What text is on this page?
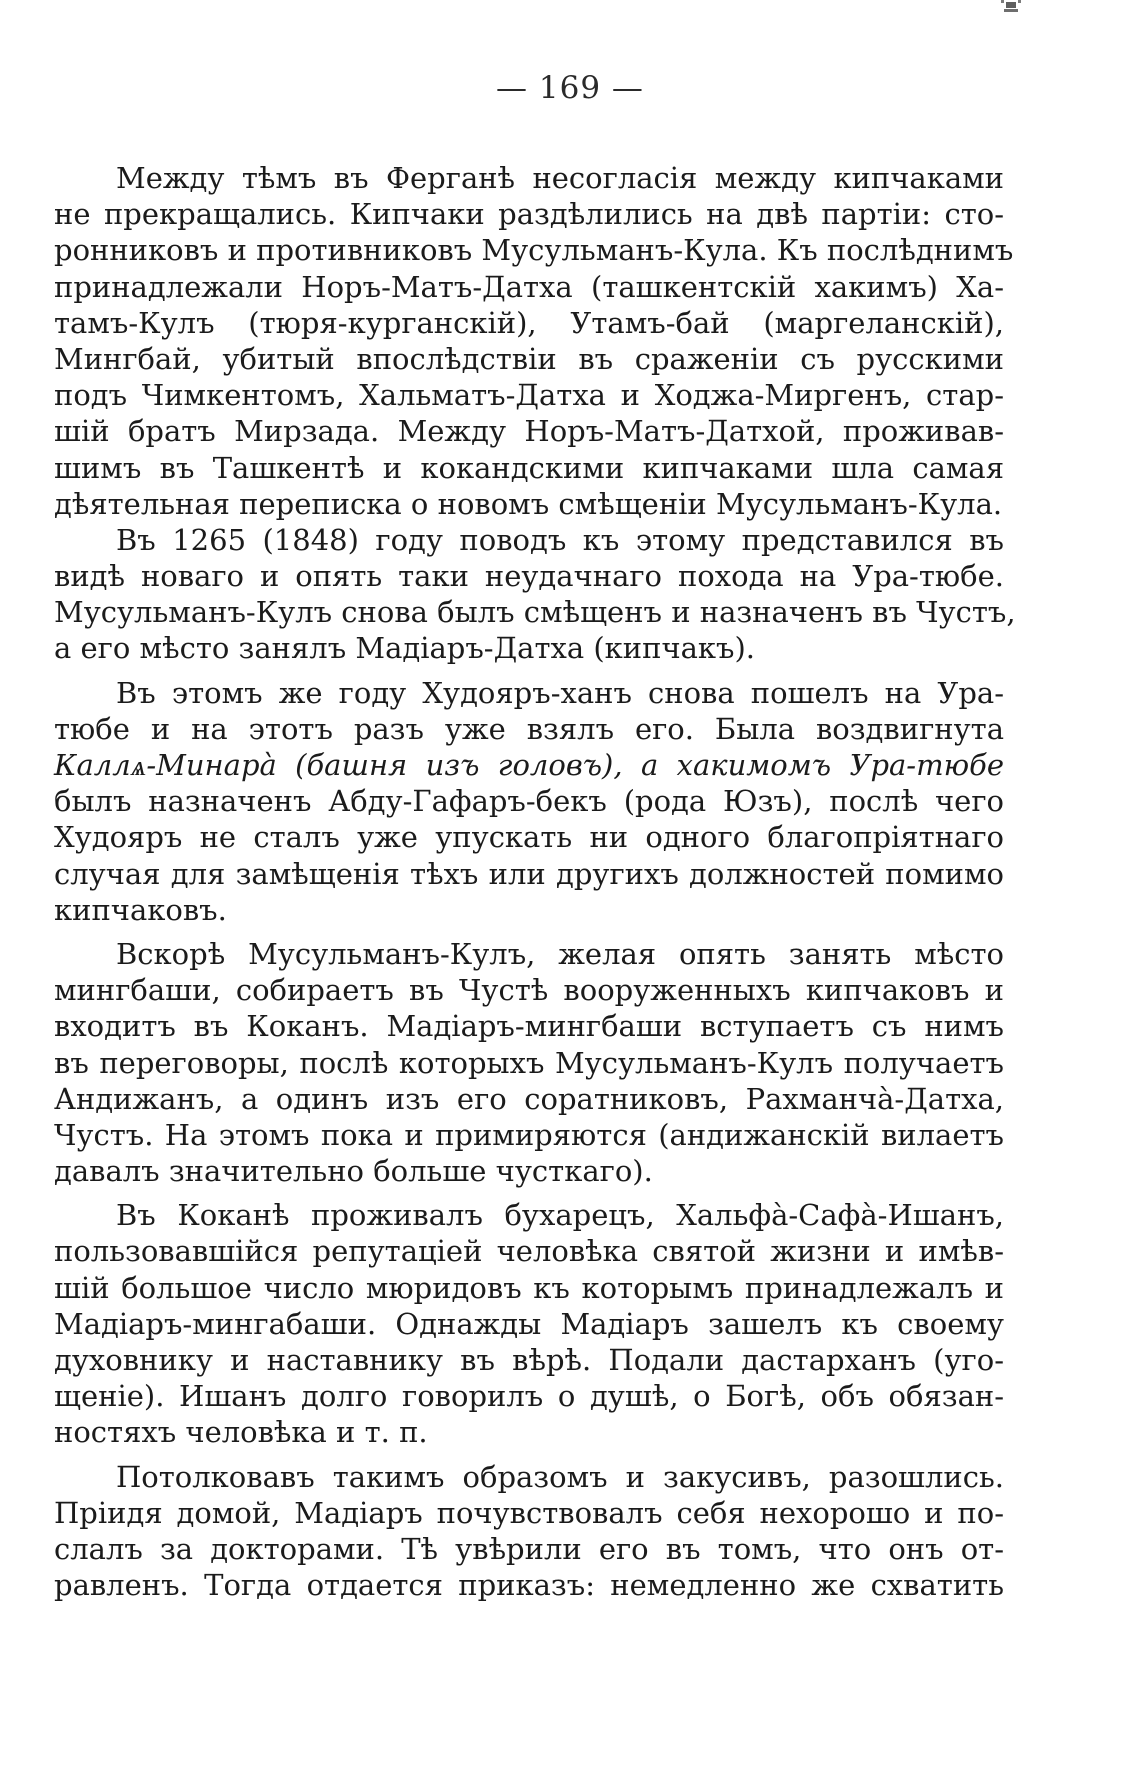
— 169 —
Между тѣмъ въ Ферганѣ несогласія между кипчаками
не прекращались. Кипчаки раздѣлились на двѣ партіи: сто-
ронниковъ и противниковъ Мусульманъ-Кула. Къ послѣднимъ
принадлежали Норъ-Матъ-Датха (ташкентскій хакимъ) Ха-
тамъ-Кулъ (тюря-курганскій), Утамъ-бай (маргеланскій),
Мингбай, убитый впослѣдствіи въ сраженіи съ русскими
подъ Чимкентомъ, Хальматъ-Датха и Ходжа-Миргенъ, стар-
шій братъ Мирзада. Между Норъ-Матъ-Датхой, проживав-
шимъ въ Ташкентѣ и кокандскими кипчаками шла самая
дѣятельная переписка о новомъ смѣщеніи Мусульманъ-Кула.
Въ 1265 (1848) году поводъ къ этому представился въ
видѣ новаго и опять таки неудачнаго похода на Ура-тюбе.
Мусульманъ-Кулъ снова былъ смѣщенъ и назначенъ въ Чустъ,
а его мѣсто занялъ Мадіаръ-Датха (кипчакъ).
Въ этомъ же году Худояръ-ханъ снова пошелъ на Ура-
тюбе и на этотъ разъ уже взялъ его. Была воздвигнута
Каллѧ-Минарà (башня изъ головъ), а хакимомъ Ура-тюбе
былъ назначенъ Абду-Гафаръ-бекъ (рода Юзъ), послѣ чего
Худояръ не сталъ уже упускать ни одного благопріятнаго
случая для замѣщенія тѣхъ или другихъ должностей помимо
кипчаковъ.
Вскорѣ Мусульманъ-Кулъ, желая опять занять мѣсто
мингбаши, собираетъ въ Чустѣ вооруженныхъ кипчаковъ и
входитъ въ Коканъ. Мадіаръ-мингбаши вступаетъ съ нимъ
въ переговоры, послѣ которыхъ Мусульманъ-Кулъ получаетъ
Андижанъ, а одинъ изъ его соратниковъ, Рахманчà-Датха,
Чустъ. На этомъ пока и примиряются (андижанскій вилаетъ
давалъ значительно больше чусткаго).
Въ Коканѣ проживалъ бухарецъ, Хальфà-Сафà-Ишанъ,
пользовавшійся репутаціей человѣка святой жизни и имѣв-
шій большое число мюридовъ къ которымъ принадлежалъ и
Мадіаръ-мингабаши. Однажды Мадіаръ зашелъ къ своему
духовнику и наставнику въ вѣрѣ. Подали дастарханъ (уго-
щеніе). Ишанъ долго говорилъ о душѣ, о Богѣ, объ обязан-
ностяхъ человѣка и т. п.
Потолковавъ такимъ образомъ и закусивъ, разошлись.
Пріидя домой, Мадіаръ почувствовалъ себя нехорошо и по-
слалъ за докторами. Тѣ увѣрили его въ томъ, что онъ от-
равленъ. Тогда отдается приказъ: немедленно же схватить
